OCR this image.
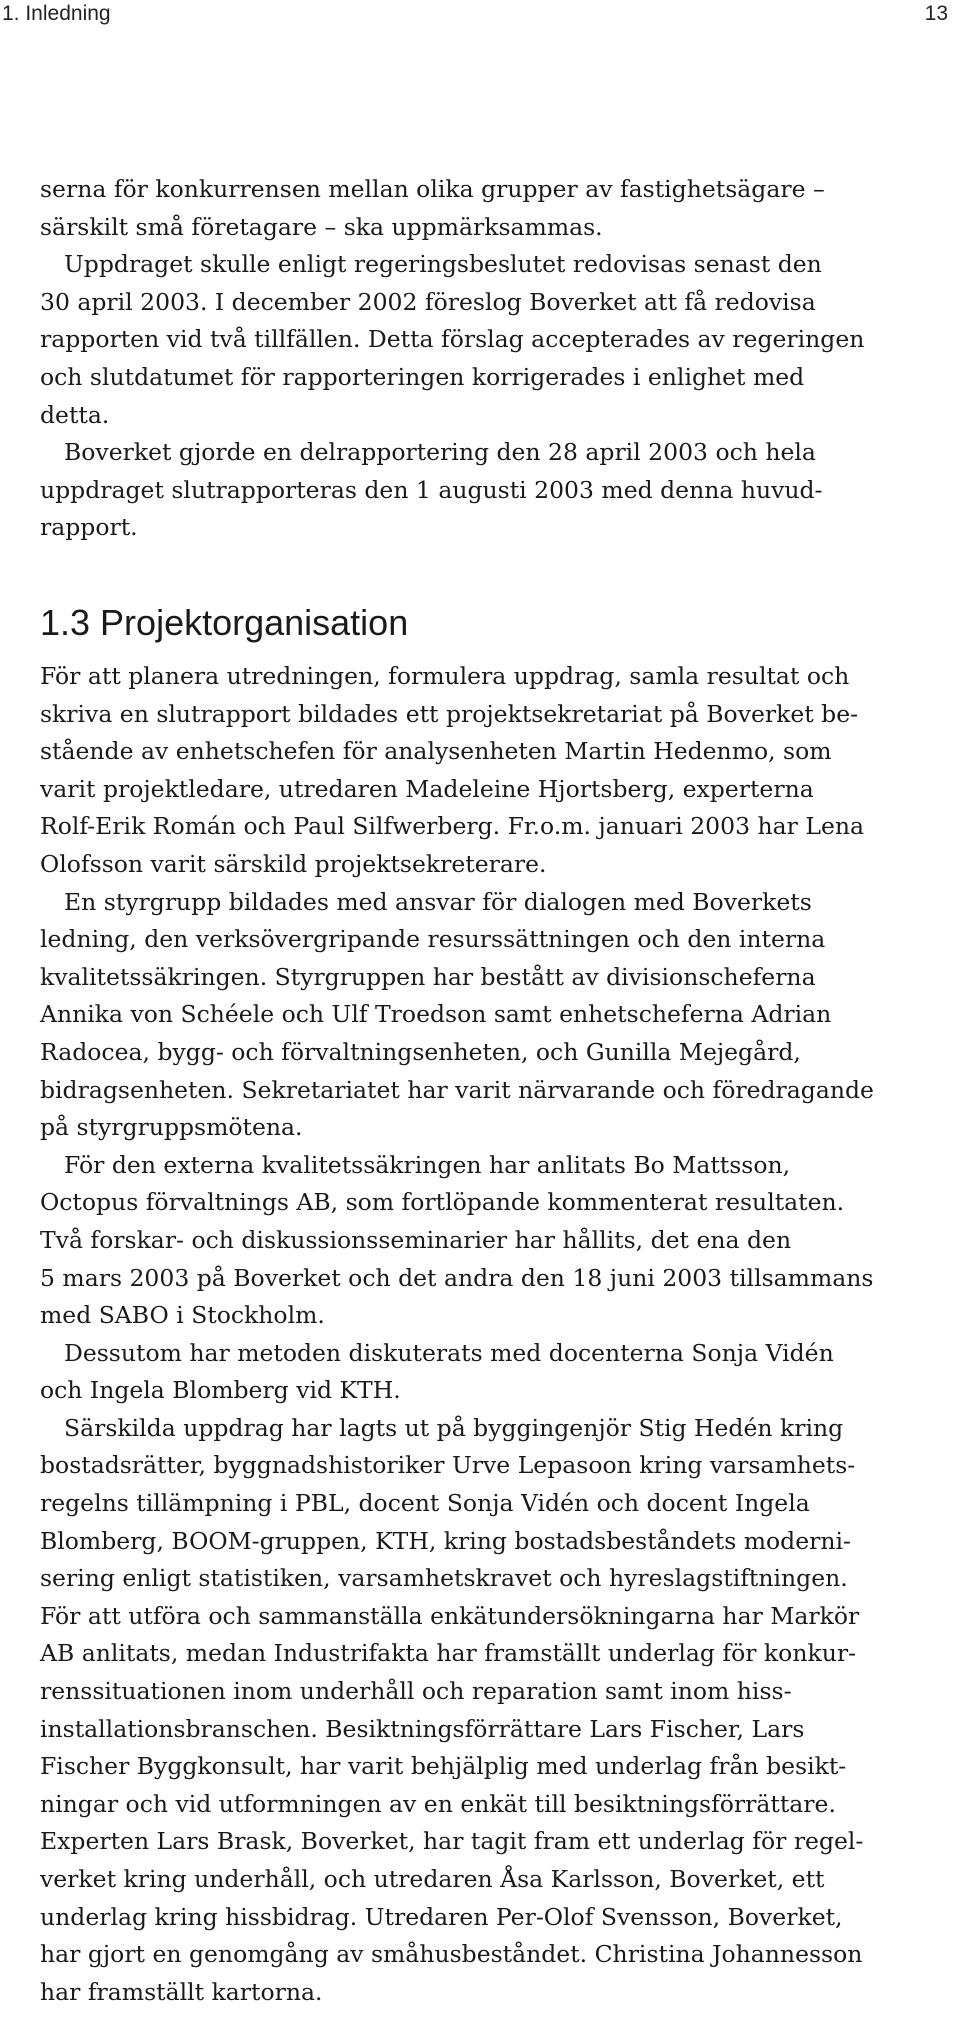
1. Inledning	13
serna för konkurrensen mellan olika grupper av fastighetsägare –
särskilt små företagare – ska uppmärksammas.
Uppdraget skulle enligt regeringsbeslutet redovisas senast den
30 april 2003. I december 2002 föreslog Boverket att få redovisa
rapporten vid två tillfällen. Detta förslag accepterades av regeringen
och slutdatumet för rapporteringen korrigerades i enlighet med
detta.
Boverket gjorde en delrapportering den 28 april 2003 och hela
uppdraget slutrapporteras den 1 augusti 2003 med denna huvud-
rapport.
1.3 Projektorganisation
För att planera utredningen, formulera uppdrag, samla resultat och
skriva en slutrapport bildades ett projektsekretariat på Boverket be-
stående av enhetschefen för analysenheten Martin Hedenmo, som
varit projektledare, utredaren Madeleine Hjortsberg, experterna
Rolf-Erik Román och Paul Silfwerberg. Fr.o.m. januari 2003 har Lena
Olofsson varit särskild projektsekreterare.
En styrgrupp bildades med ansvar för dialogen med Boverkets
ledning, den verksövergripande resurssättningen och den interna
kvalitetssäkringen. Styrgruppen har bestått av divisionscheferna
Annika von Schéele och Ulf Troedson samt enhetscheferna Adrian
Radocea, bygg- och förvaltningsenheten, och Gunilla Mejegård,
bidragsenheten. Sekretariatet har varit närvarande och föredragande
på styrgruppsmötena.
För den externa kvalitetssäkringen har anlitats Bo Mattsson,
Octopus förvaltnings AB, som fortlöpande kommenterat resultaten.
Två forskar- och diskussionsseminarier har hållits, det ena den
5 mars 2003 på Boverket och det andra den 18 juni 2003 tillsammans
med SABO i Stockholm.
Dessutom har metoden diskuterats med docenterna Sonja Vidén
och Ingela Blomberg vid KTH.
Särskilda uppdrag har lagts ut på byggingenjör Stig Hedén kring
bostadsrätter, byggnadshistoriker Urve Lepasoon kring varsamhets-
regelns tillämpning i PBL, docent Sonja Vidén och docent Ingela
Blomberg, BOOM-gruppen, KTH, kring bostadsbeståndets moderni-
sering enligt statistiken, varsamhetskravet och hyreslagstiftningen.
För att utföra och sammanställa enkätundersökningarna har Markör
AB anlitats, medan Industrifakta har framställt underlag för konkur-
renssituationen inom underhåll och reparation samt inom hiss-
installationsbranschen. Besiktningsförrättare Lars Fischer, Lars
Fischer Byggkonsult, har varit behjälplig med underlag från besikt-
ningar och vid utformningen av en enkät till besiktningsförrättare.
Experten Lars Brask, Boverket, har tagit fram ett underlag för regel-
verket kring underhåll, och utredaren Åsa Karlsson, Boverket, ett
underlag kring hissbidrag. Utredaren Per-Olof Svensson, Boverket,
har gjort en genomgång av småhusbeståndet. Christina Johannesson
har framställt kartorna.
